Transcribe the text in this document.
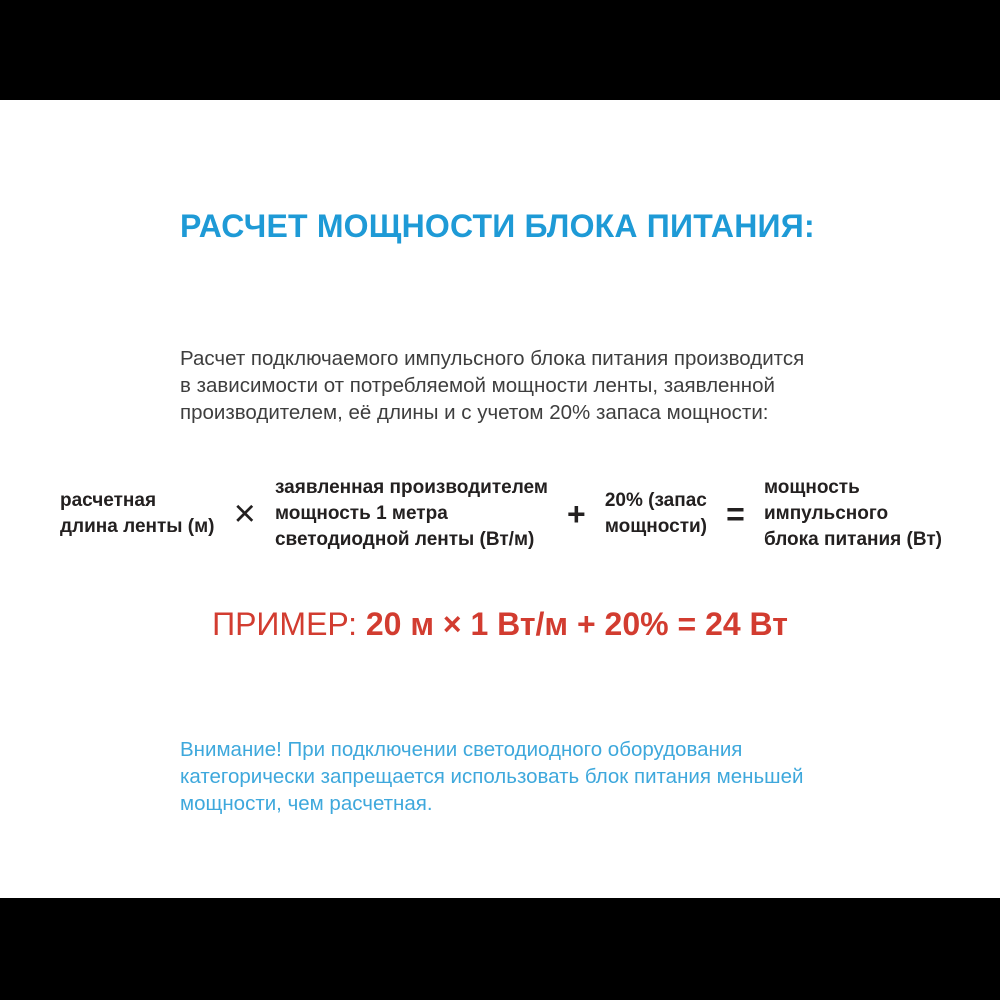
РАСЧЕТ МОЩНОСТИ БЛОКА ПИТАНИЯ:
Расчет подключаемого импульсного блока питания производится
в зависимости от потребляемой мощности ленты, заявленной
производителем, её длины и с учетом 20% запаса мощности:
расчетная
длина ленты (м) ×
заявленная производителем
мощность 1 метра
светодиодной ленты (Вт/м)
+ 20% (запас
мощности) =
мощность
импульсного
блока питания (Вт)
ПРИМЕР: 20 м × 1 Вт/м + 20% = 24 Вт
Внимание! При подключении светодиодного оборудования
категорически запрещается использовать блок питания меньшей
мощности, чем расчетная.
